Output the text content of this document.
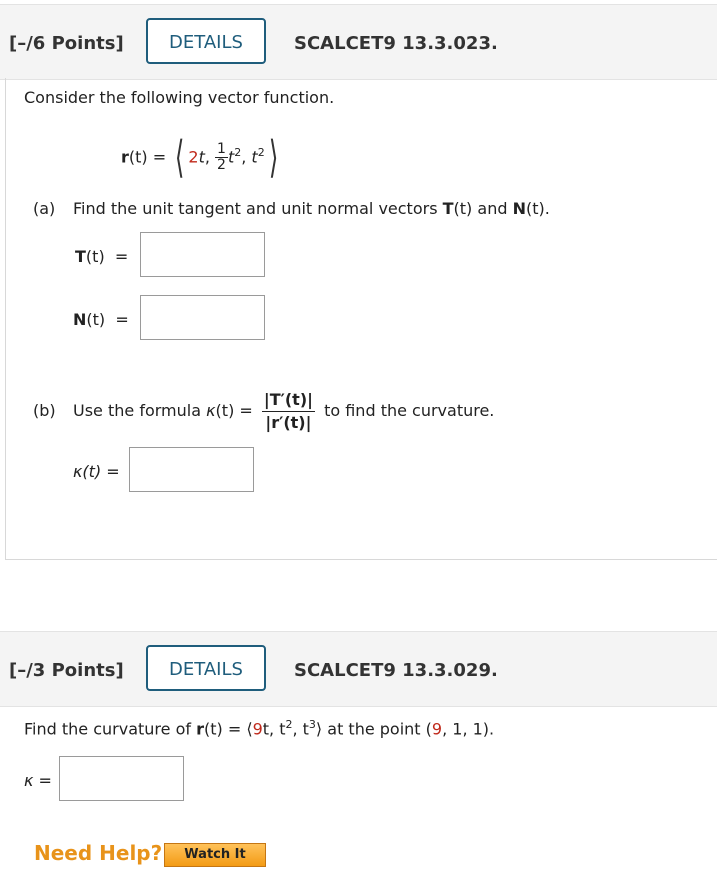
[–/6 Points]	DETAILS	SCALCET9 13.3.023.
Consider the following vector function.
r(t) = ⟨ 2t, $\frac{1}{2} t^2$, $t^2⟩$
(a) Find the unit tangent and unit normal vectors T(t) and N(t).
T(t) =
N(t) =
(b) Use the formula $\kappa(t) = \frac{|T'(t)|}{|r'(t)|}$ to find the curvature.
κ(t) =
[–/3 Points]	DETAILS	SCALCET9 13.3.029.
Find the curvature of r(t) = ⟨9t, $t^2$, $t^3⟩$ at the point (9, 1, 1).
κ =
Need Help?	Watch It
